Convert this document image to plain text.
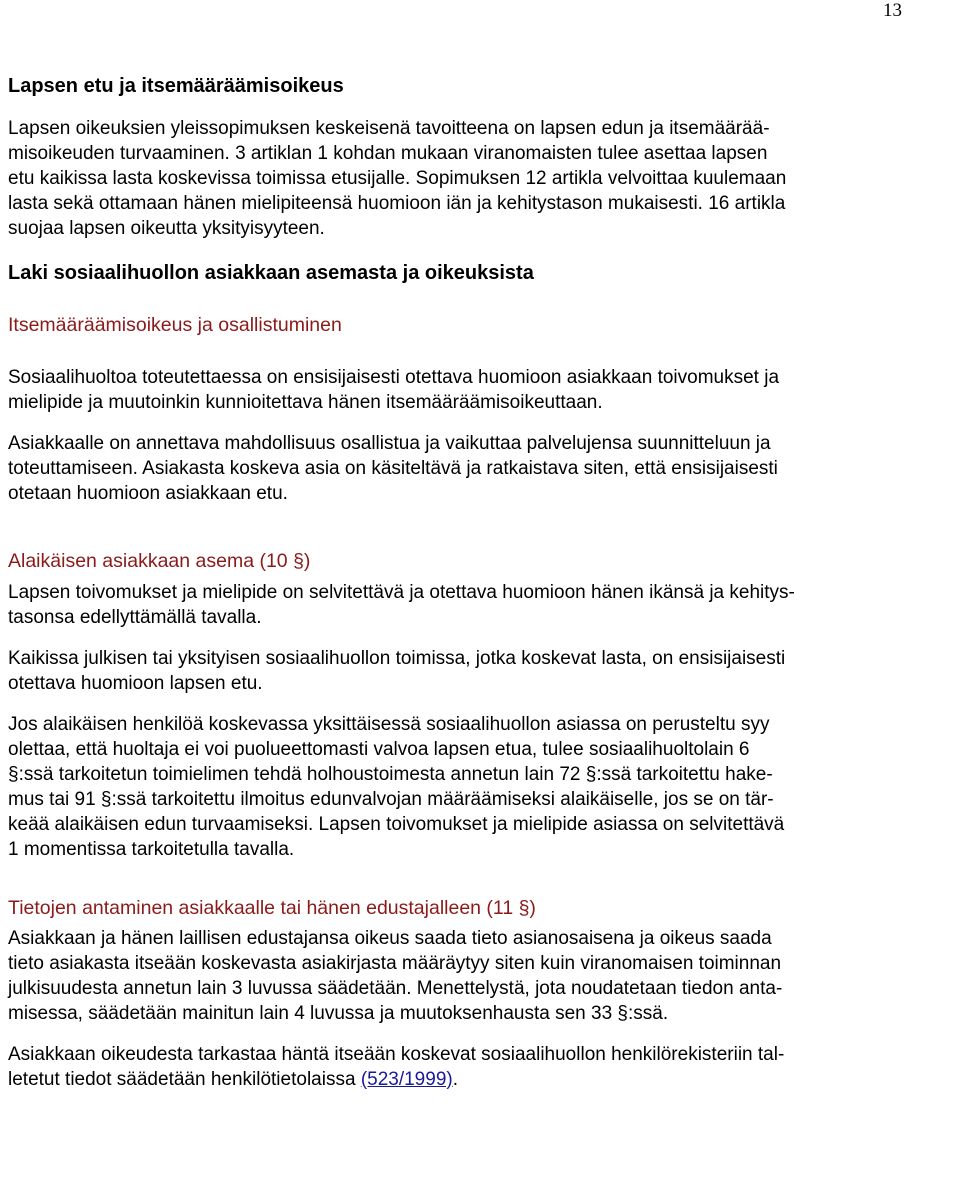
13

Lapsen etu ja itsemääräämisoikeus

Lapsen oikeuksien yleissopimuksen keskeisenä tavoitteena on lapsen edun ja itsemäärää-

misoikeuden turvaaminen. 3 artiklan 1 kohdan mukaan viranomaisten tulee asettaa lapsen

etu kaikissa lasta koskevissa toimissa etusijalle. Sopimuksen 12 artikla velvoittaa kuulemaan

lasta sekä ottamaan hänen mielipiteensä huomioon iän ja kehitystason mukaisesti. 16 artikla

suojaa lapsen oikeutta yksityisyyteen.

Laki sosiaalihuollon asiakkaan asemasta ja oikeuksista

Itsemääräämisoikeus ja osallistuminen

Sosiaalihuoltoa toteutettaessa on ensisijaisesti otettava huomioon asiakkaan toivomukset ja

mielipide ja muutoinkin kunnioitettava hänen itsemääräämisoikeuttaan.

Asiakkaalle on annettava mahdollisuus osallistua ja vaikuttaa palvelujensa suunnitteluun ja

toteuttamiseen. Asiakasta koskeva asia on käsiteltävä ja ratkaistava siten, että ensisijaisesti

otetaan huomioon asiakkaan etu.

Alaikäisen asiakkaan asema (10 §)

Lapsen toivomukset ja mielipide on selvitettävä ja otettava huomioon hänen ikänsä ja kehitys-

tasonsa edellyttämällä tavalla.

Kaikissa julkisen tai yksityisen sosiaalihuollon toimissa, jotka koskevat lasta, on ensisijaisesti

otettava huomioon lapsen etu.

Jos alaikäisen henkilöä koskevassa yksittäisessä sosiaalihuollon asiassa on perusteltu syy

olettaa, että huoltaja ei voi puolueettomasti valvoa lapsen etua, tulee sosiaalihuoltolain 6

§:ssä tarkoitetun toimielimen tehdä holhoustoimesta annetun lain 72 §:ssä tarkoitettu hake-

mus tai 91 §:ssä tarkoitettu ilmoitus edunvalvojan määräämiseksi alaikäiselle, jos se on tär-

keää alaikäisen edun turvaamiseksi. Lapsen toivomukset ja mielipide asiassa on selvitettävä

1 momentissa tarkoitetulla tavalla.

Tietojen antaminen asiakkaalle tai hänen edustajalleen (11 §)

Asiakkaan ja hänen laillisen edustajansa oikeus saada tieto asianosaisena ja oikeus saada

tieto asiakasta itseään koskevasta asiakirjasta määräytyy siten kuin viranomaisen toiminnan

julkisuudesta annetun lain 3 luvussa säädetään. Menettelystä, jota noudatetaan tiedon anta-

misessa, säädetään mainitun lain 4 luvussa ja muutoksenhausta sen 33 §:ssä.

Asiakkaan oikeudesta tarkastaa häntä itseään koskevat sosiaalihuollon henkilörekisteriin tal-

letetut tiedot säädetään henkilötietolaissa (523/1999).
